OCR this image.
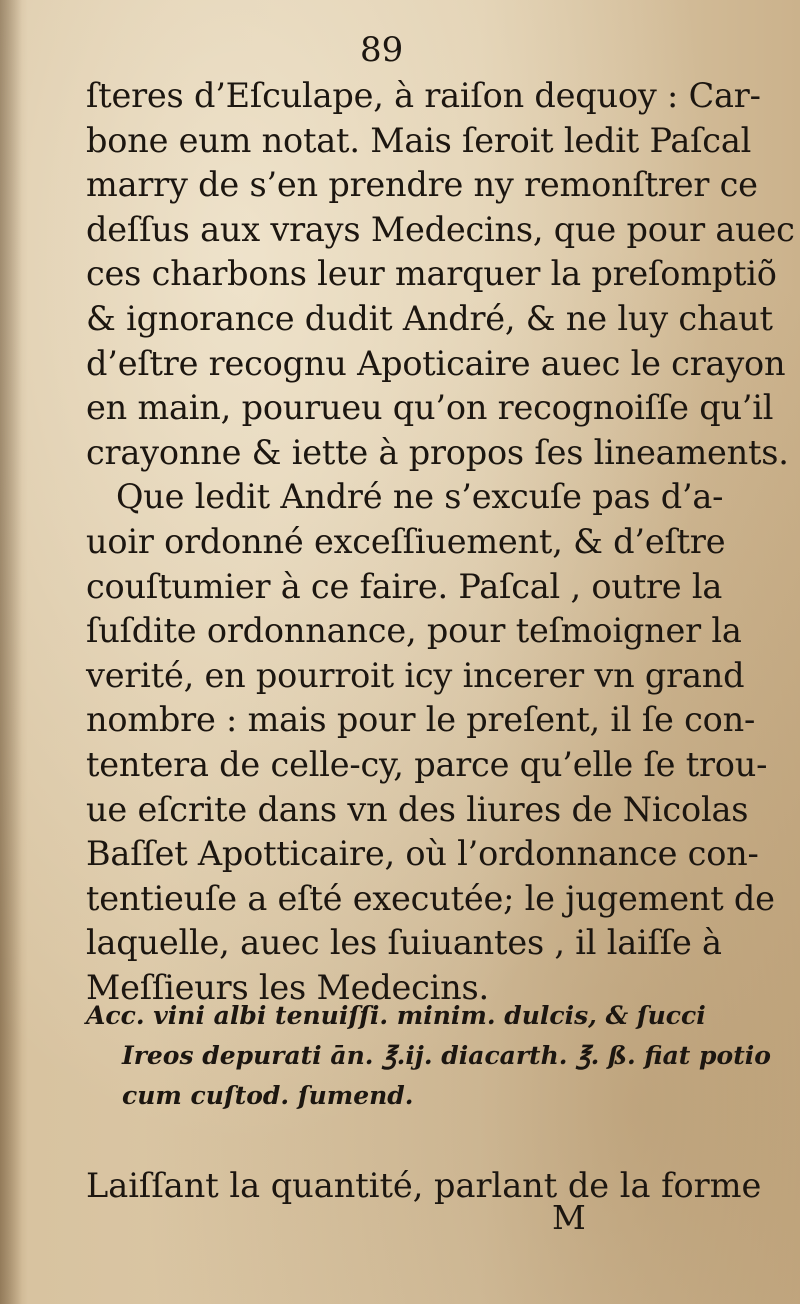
89
ſteres d’Eſculape, à raiſon dequoy : Car-
bone eum notat. Mais ſeroit ledit Paſcal
marry de s’en prendre ny remonſtrer ce
deſſus aux vrays Medecins, que pour auec
ces charbons leur marquer la preſomptiõ
& ignorance dudit André, & ne luy chaut
d’eſtre recognu Apoticaire auec le crayon
en main, pourueu qu’on recognoiſſe qu’il
crayonne & iette à propos ſes lineaments.
Que ledit André ne s’excuſe pas d’a-
uoir ordonné exceſſiuement, & d’eſtre
couſtumier à ce faire. Paſcal , outre la
ſuſdite ordonnance, pour teſmoigner la
verité, en pourroit icy incerer vn grand
nombre : mais pour le preſent, il ſe con-
tentera de celle-cy, parce qu’elle ſe trou-
ue eſcrite dans vn des liures de Nicolas
Baſſet Apotticaire, où l’ordonnance con-
tentieuſe a eſté executée; le jugement de
laquelle, auec les ſuiuantes , il laiſſe à
Meſſieurs les Medecins.
Acc. vini albi tenuiſſi. minim. dulcis, & ſucci
Ireos depurati ān. ℥.ij. diacarth. ℥. ß. fiat potio
cum cuſtod. ſumend.
Laiſſant la quantité, parlant de la forme
M
